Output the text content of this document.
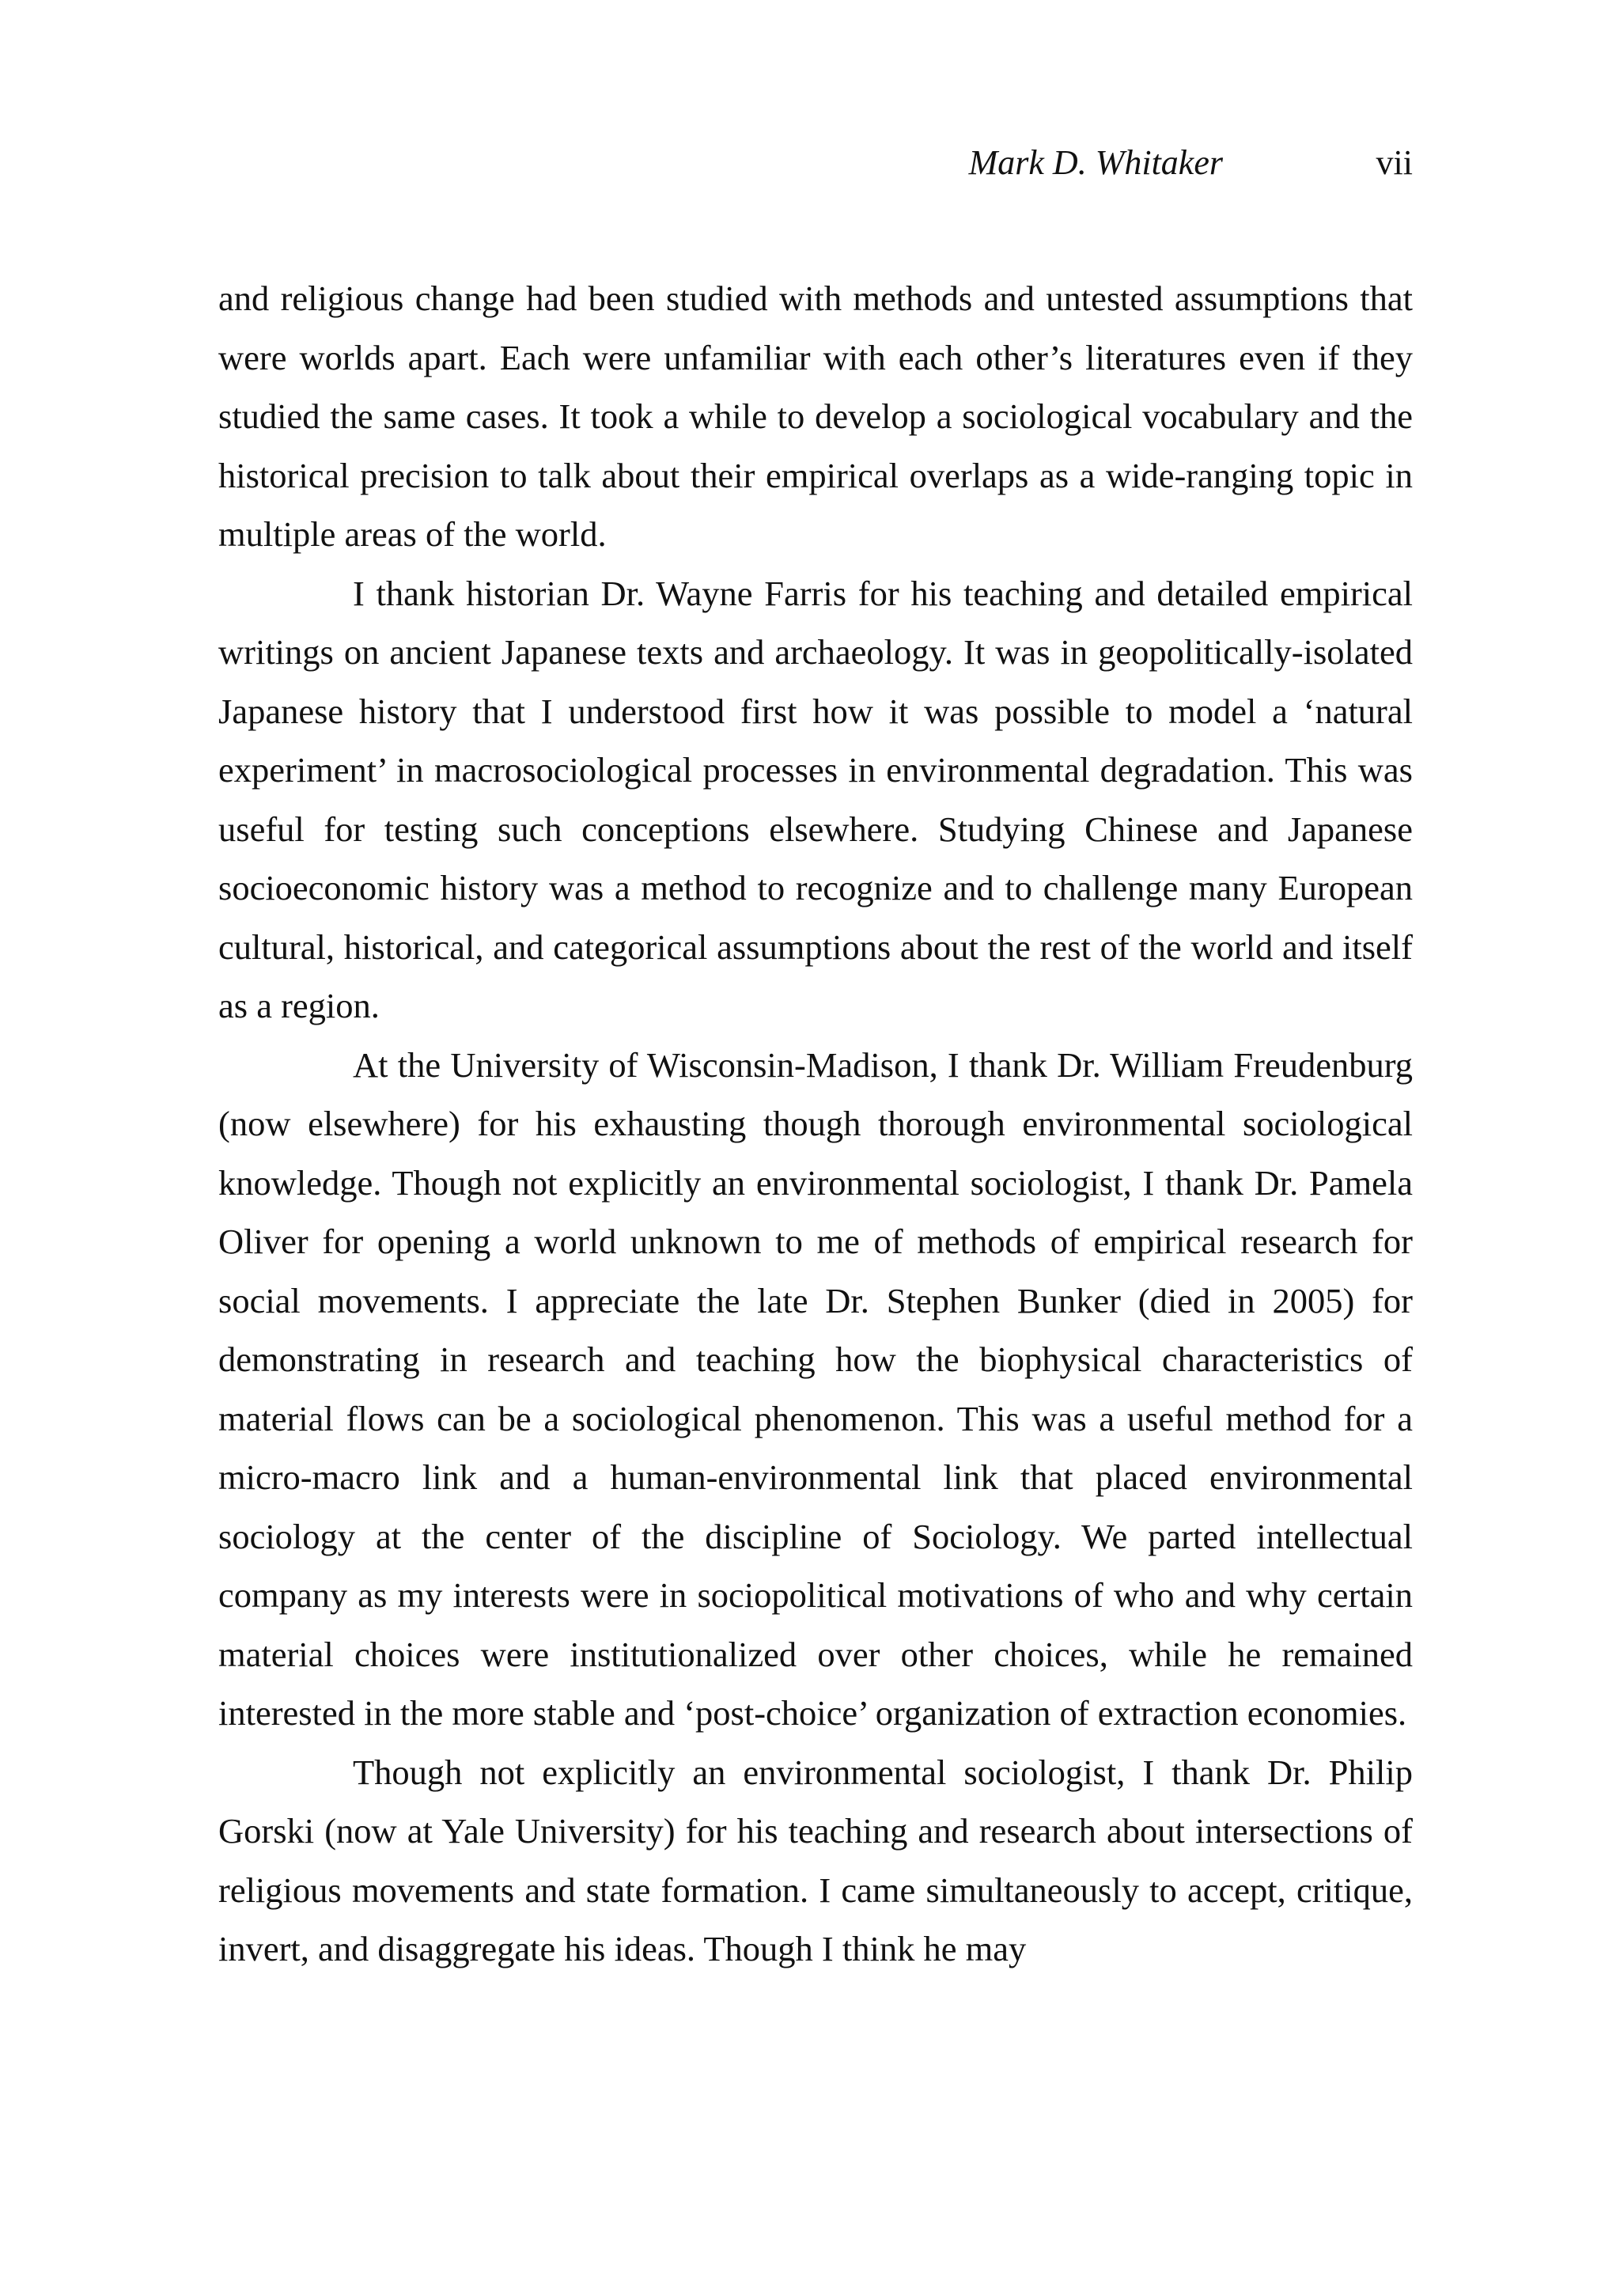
Mark D. Whitaker	vii

and religious change had been studied with methods and untested assumptions that were worlds apart. Each were unfamiliar with each other’s literatures even if they studied the same cases. It took a while to develop a sociological vocabulary and the historical precision to talk about their empirical overlaps as a wide-ranging topic in multiple areas of the world.

I thank historian Dr. Wayne Farris for his teaching and detailed empirical writings on ancient Japanese texts and archaeology. It was in geopolitically-isolated Japanese history that I understood first how it was possible to model a ‘natural experiment’ in macrosociological processes in environmental degradation. This was useful for testing such conceptions elsewhere. Studying Chinese and Japanese socioeconomic history was a method to recognize and to challenge many European cultural, historical, and categorical assumptions about the rest of the world and itself as a region.

At the University of Wisconsin-Madison, I thank Dr. William Freudenburg (now elsewhere) for his exhausting though thorough environmental sociological knowledge. Though not explicitly an environmental sociologist, I thank Dr. Pamela Oliver for opening a world unknown to me of methods of empirical research for social movements. I appreciate the late Dr. Stephen Bunker (died in 2005) for demonstrating in research and teaching how the biophysical characteristics of material flows can be a sociological phenomenon. This was a useful method for a micro-macro link and a human-environmental link that placed environmental sociology at the center of the discipline of Sociology. We parted intellectual company as my interests were in sociopolitical motivations of who and why certain material choices were institutionalized over other choices, while he remained interested in the more stable and ‘post-choice’ organization of extraction economies.

Though not explicitly an environmental sociologist, I thank Dr. Philip Gorski (now at Yale University) for his teaching and research about intersections of religious movements and state formation. I came simultaneously to accept, critique, invert, and disaggregate his ideas. Though I think he may
